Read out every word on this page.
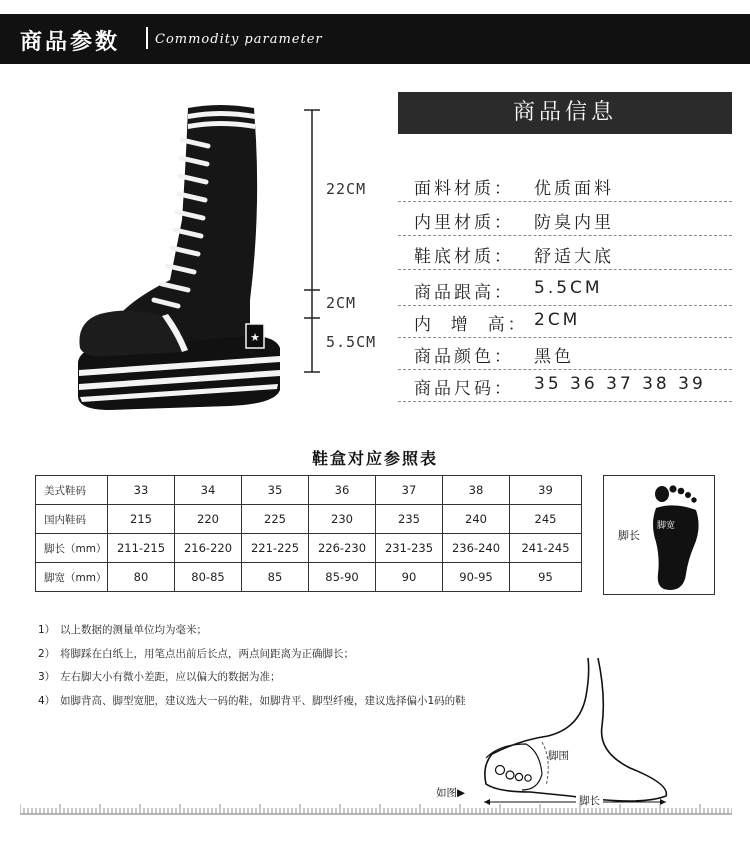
商品参数	Commodity parameter
★
22CM
2CM
5.5CM
商品信息
面料材质： 优质面料
内里材质： 防臭内里
鞋底材质： 舒适大底
商品跟高： 5.5CM
内  增  高： 2CM
商品颜色： 黑色
商品尺码： 35 36 37 38 39
鞋盒对应参照表
美式鞋码	33	34	35	36	37	38	39
国内鞋码	215	220	225	230	235	240	245
脚长（mm）	211-215	216-220	221-225	226-230	231-235	236-240	241-245
脚宽（mm）	80	80-85	85	85-90	90	90-95	95
脚长
脚宽
1） 以上数据的测量单位均为毫米；
2） 将脚踩在白纸上，用笔点出前后长点，两点间距离为正确脚长；
3） 左右脚大小有微小差距，应以偏大的数据为准；
4） 如脚背高、脚型宽肥，建议选大一码的鞋，如脚背平、脚型纤瘦，建议选择偏小1码的鞋
脚围
脚长
如图▶
